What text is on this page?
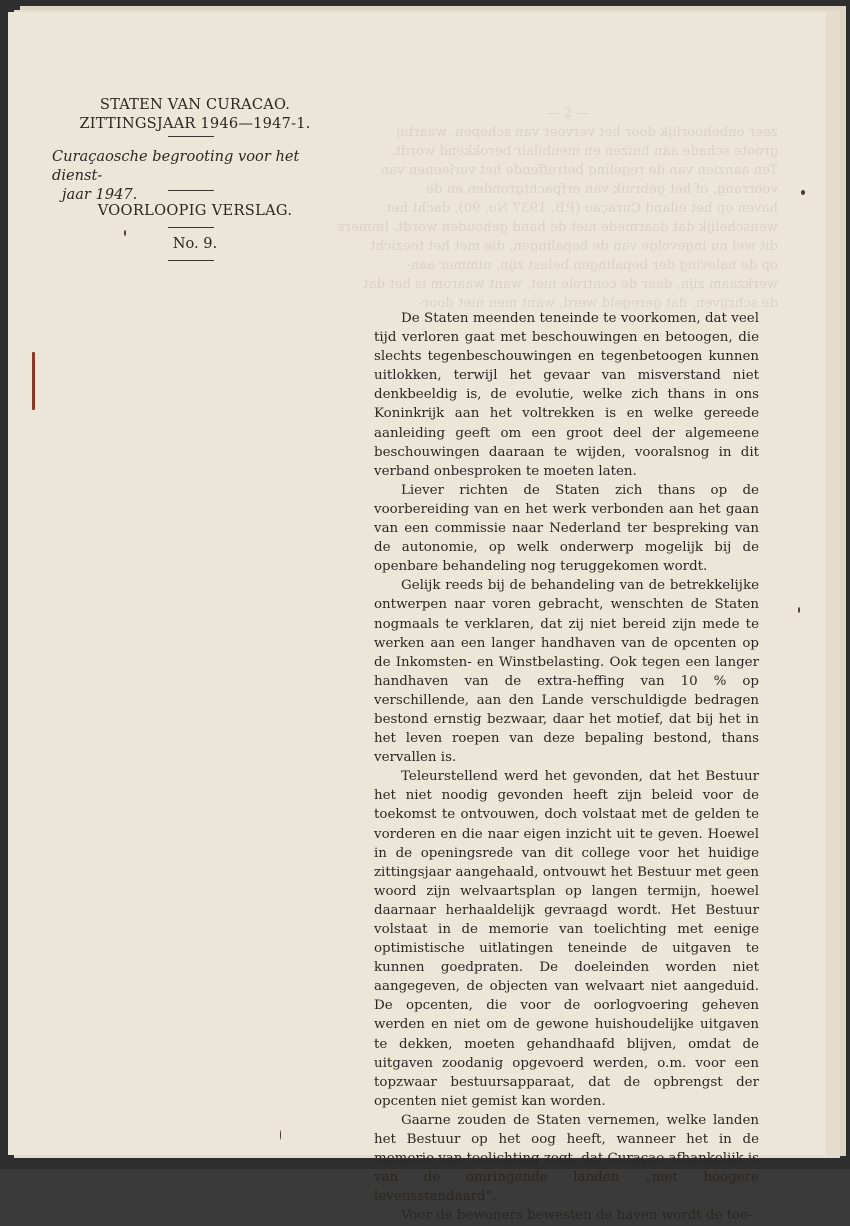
— 2 —
zeer onbehoorlijk door het vervoer van schepen, waarbij
groote schade aan huizen en meubilair berokkend wordt.
Ten aanzien van de regeling betreffende het verleenen van
voorrang, of het gebruik van erfpachtgronden en de
haven op het eiland Curaçao (P.B. 1937 No. 90), dacht het
wenschelijk dat daarmede niet de hand gehouden wordt. Immers
dit wel nu ingevolge van de bepalingen, die met het toezicht
op de naleving der bepalingen belast zijn, nimmer aan-
werkzaam zijn, daar de controle niet, want waarom is het dat
de schrijven, dat geregeld werd, want men niet door-
STATEN VAN CURACAO.
ZITTINGSJAAR 1946—1947-1.
Curaçaosche begrooting voor het dienst-
jaar 1947.
VOORLOOPIG VERSLAG.
No. 9.

De Staten meenden teneinde te voorkomen, dat veel tijd verloren gaat met beschouwingen en betoogen, die slechts tegenbeschouwingen en tegenbetoogen kunnen uitlokken, terwijl het gevaar van misverstand niet denkbeeldig is, de evolutie, welke zich thans in ons Koninkrijk aan het voltrekken is en welke gereede aanleiding geeft om een groot deel der algemeene beschouwingen daaraan te wijden, vooralsnog in dit verband onbesproken te moeten laten.

Liever richten de Staten zich thans op de voorbereiding van en het werk verbonden aan het gaan van een commissie naar Nederland ter bespreking van de autonomie, op welk onderwerp mogelijk bij de openbare behandeling nog teruggekomen wordt.

Gelijk reeds bij de behandeling van de betrekkelijke ontwerpen naar voren gebracht, wenschten de Staten nogmaals te verklaren, dat zij niet bereid zijn mede te werken aan een langer handhaven van de opcenten op de Inkomsten- en Winstbelasting. Ook tegen een langer handhaven van de extra-heffing van 10 % op verschillende, aan den Lande verschuldigde bedragen bestond ernstig bezwaar, daar het motief, dat bij het in het leven roepen van deze bepaling bestond, thans vervallen is.

Teleurstellend werd het gevonden, dat het Bestuur het niet noodig gevonden heeft zijn beleid voor de toekomst te ontvouwen, doch volstaat met de gelden te vorderen en die naar eigen inzicht uit te geven. Hoewel in de openingsrede van dit college voor het huidige zittingsjaar aangehaald, ontvouwt het Bestuur met geen woord zijn welvaartsplan op langen termijn, hoewel daarnaar herhaaldelijk gevraagd wordt. Het Bestuur volstaat in de memorie van toelichting met eenige optimistische uitlatingen teneinde de uitgaven te kunnen goedpraten. De doeleinden worden niet aangegeven, de objecten van welvaart niet aangeduid. De opcenten, die voor de oorlogvoering geheven werden en niet om de gewone huishoudelijke uitgaven te dekken, moeten gehandhaafd blijven, omdat de uitgaven zoodanig opgevoerd werden, o.m. voor een topzwaar bestuursapparaat, dat de opbrengst der opcenten niet gemist kan worden.

Gaarne zouden de Staten vernemen, welke landen het Bestuur op het oog heeft, wanneer het in de memorie van toelichting zegt, dat Curaçao afhankelijk is van de omringende landen „met hoogere levensstandaard”.

Voor de bewoners bewesten de haven wordt de toe-
